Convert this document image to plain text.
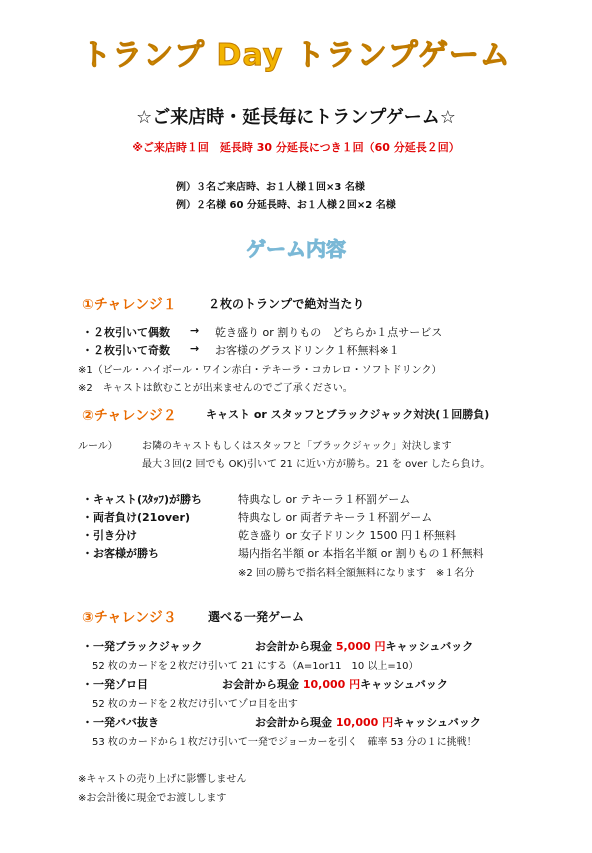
トランプ Day トランプゲーム
☆ご来店時・延長毎にトランプゲーム☆
※ご来店時１回　延長時 30 分延長につき１回（60 分延長２回）
例）３名ご来店時、お１人様１回×3 名様
例）２名様 60 分延長時、お１人様２回×2 名様
ゲーム内容
①チャレンジ１	２枚のトランプで絶対当たり
・２枚引いて偶数 → 乾き盛り or 割りもの　どちらか１点サービス
・２枚引いて奇数 → お客様のグラスドリンク１杯無料※１
※1（ビール・ハイボール・ワイン赤白・テキーラ・コカレロ・ソフトドリンク）
※2　キャストは飲むことが出来ませんのでご了承ください。
②チャレンジ２	キャスト or スタッフとブラックジャック対決(１回勝負)
ルール） お隣のキャストもしくはスタッフと「ブラックジャック」対決します
最大３回(2 回でも OK)引いて 21 に近い方が勝ち。21 を over したら負け。
・キャスト(ｽﾀｯﾌ)が勝ち	特典なし or テキーラ１杯罰ゲーム
・両者負け(21over)	特典なし or 両者テキーラ１杯罰ゲーム
・引き分け	乾き盛り or 女子ドリンク 1500 円１杯無料
・お客様が勝ち	場内指名半額 or 本指名半額 or 割りもの１杯無料
※2 回の勝ちで指名料全額無料になります　※１名分
③チャレンジ３	選べる一発ゲーム
・一発ブラックジャック	お会計から現金 5,000 円キャッシュバック
52 枚のカードを２枚だけ引いて 21 にする（A=1or11　10 以上=10）
・一発ゾロ目	お会計から現金 10,000 円キャッシュバック
52 枚のカードを２枚だけ引いてゾロ目を出す
・一発ババ抜き	お会計から現金 10,000 円キャッシュバック
53 枚のカードから１枚だけ引いて一発でジョーカーを引く　確率 53 分の１に挑戦！
※キャストの売り上げに影響しません
※お会計後に現金でお渡しします
